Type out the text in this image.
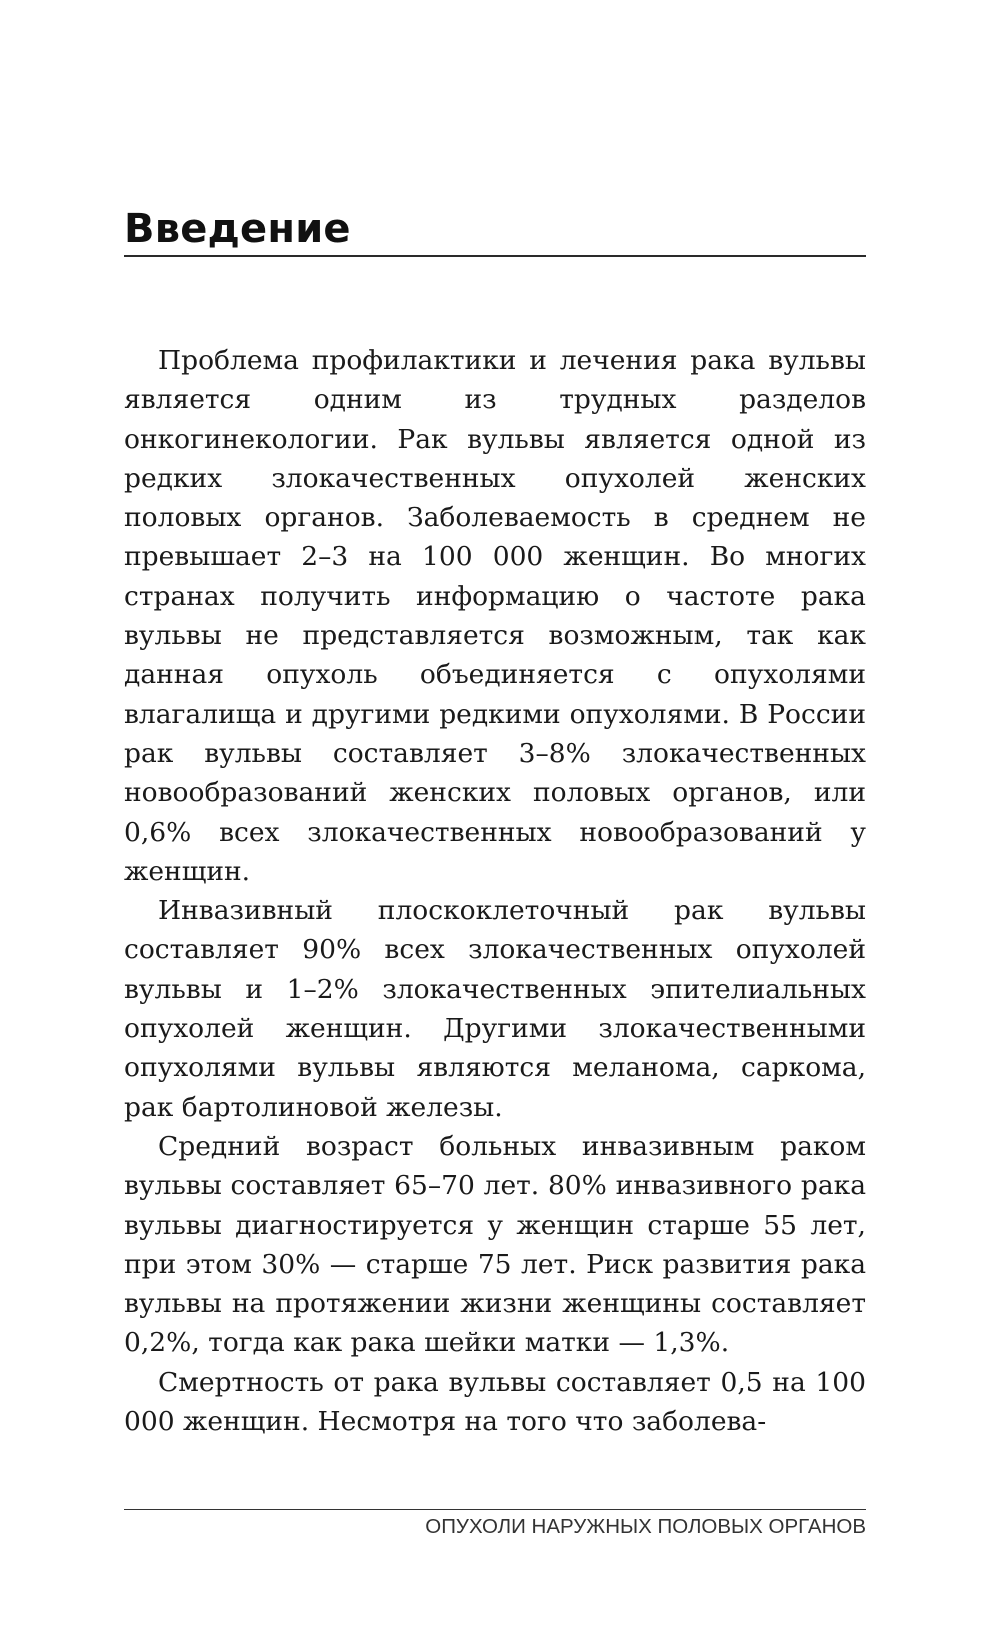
Введение

Проблема профилактики и лечения рака вульвы является одним из трудных разделов онкогинекологии. Рак вульвы является одной из редких злокачественных опухолей женских половых органов. Заболеваемость в среднем не превышает 2–3 на 100 000 женщин. Во многих странах получить информацию о частоте рака вульвы не представляется возможным, так как данная опухоль объединяется с опухолями влагалища и другими редкими опухолями. В России рак вульвы составляет 3–8% злокачественных новообразований женских половых органов, или 0,6% всех злокачественных новообразований у женщин.

Инвазивный плоскоклеточный рак вульвы составляет 90% всех злокачественных опухолей вульвы и 1–2% злокачественных эпителиальных опухолей женщин. Другими злокачественными опухолями вульвы являются меланома, саркома, рак бартолиновой железы.

Средний возраст больных инвазивным раком вульвы составляет 65–70 лет. 80% инвазивного рака вульвы диагностируется у женщин старше 55 лет, при этом 30% — старше 75 лет. Риск развития рака вульвы на протяжении жизни женщины составляет 0,2%, тогда как рака шейки матки — 1,3%.

Смертность от рака вульвы составляет 0,5 на 100 000 женщин. Несмотря на того что заболева-

ОПУХОЛИ НАРУЖНЫХ ПОЛОВЫХ ОРГАНОВ
